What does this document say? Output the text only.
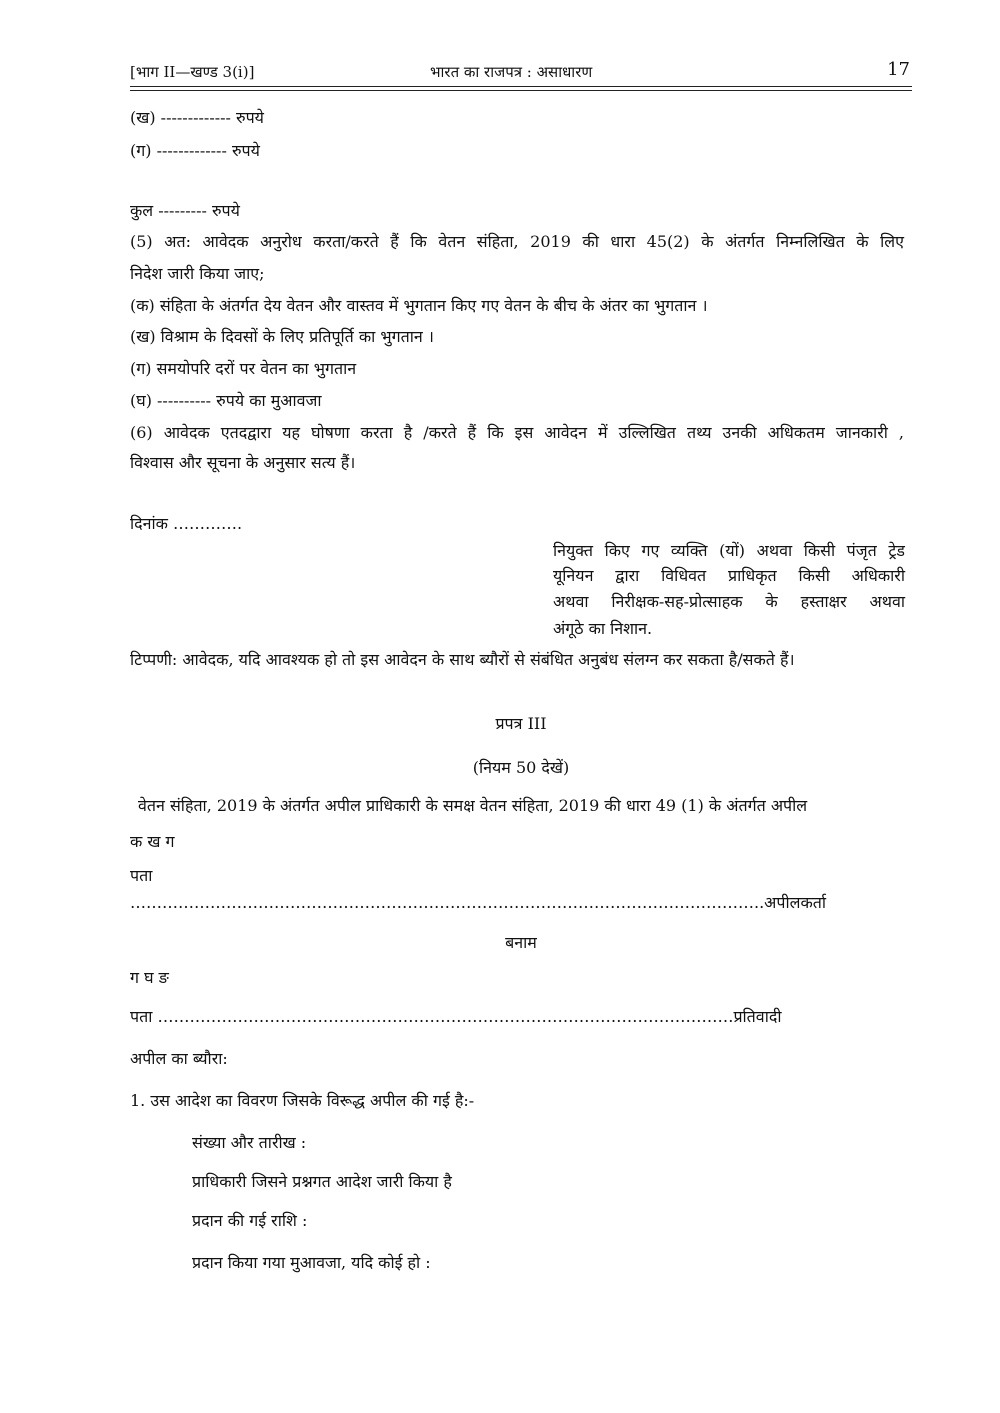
[भाग II—खण्ड 3(i)]	भारत का राजपत्र : असाधारण	17
(ख) ------------- रुपये
(ग) ------------- रुपये
कुल --------- रुपये
(5) अत: आवेदक अनुरोध करता/करते हैं कि वेतन संहिता, 2019 की धारा 45(2) के अंतर्गत निम्नलिखित के लिए
निदेश जारी किया जाए;
(क) संहिता के अंतर्गत देय वेतन और वास्तव में भुगतान किए गए वेतन के बीच के अंतर का भुगतान ।
(ख) विश्राम के दिवसों के लिए प्रतिपूर्ति का भुगतान ।
(ग) समयोपरि दरों पर वेतन का भुगतान
(घ) ---------- रुपये का मुआवजा
(6) आवेदक एतदद्वारा यह घोषणा करता है /करते हैं कि इस आवेदन में उल्लिखित तथ्य उनकी अधिकतम जानकारी ,
विश्वास और सूचना के अनुसार सत्य हैं।
दिनांक ………….
नियुक्त किए गए व्यक्ति (यों) अथवा किसी पंजृत ट्रेड
यूनियन द्वारा विधिवत प्राधिकृत किसी अधिकारी
अथवा निरीक्षक-सह-प्रोत्साहक के हस्ताक्षर अथवा
अंगूठे का निशान.
टिप्पणी: आवेदक, यदि आवश्यक हो तो इस आवेदन के साथ ब्यौरों से संबंधित अनुबंध संलग्न कर सकता है/सकते हैं।
प्रपत्र III
(नियम 50 देखें)
वेतन संहिता, 2019 के अंतर्गत अपील प्राधिकारी के समक्ष वेतन संहिता, 2019 की धारा 49 (1) के अंतर्गत अपील
क ख ग
पता
………………………………………………………………………………………………………..अपीलकर्ता
बनाम
ग घ ङ
पता ………………………………………………………………………………………………प्रतिवादी
अपील का ब्यौरा:
1. उस आदेश का विवरण जिसके विरूद्ध अपील की गई है:-
संख्या और तारीख :
प्राधिकारी जिसने प्रश्नगत आदेश जारी किया है
प्रदान की गई राशि :
प्रदान किया गया मुआवजा, यदि कोई हो :
